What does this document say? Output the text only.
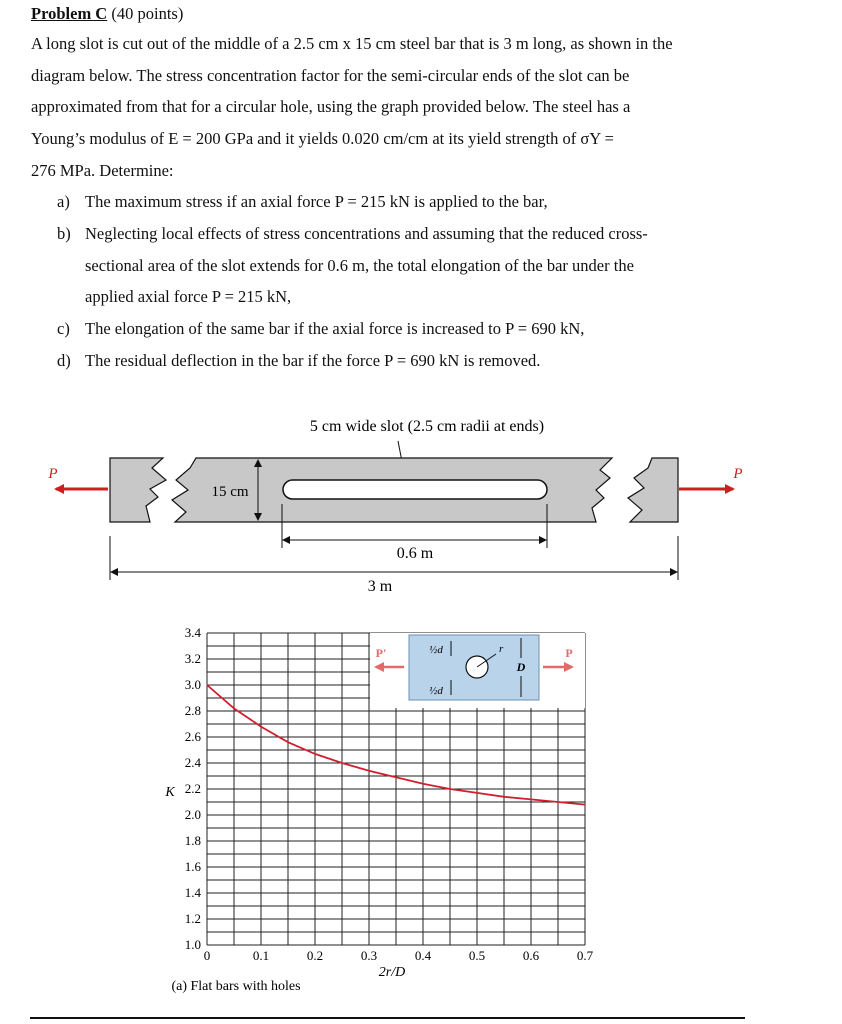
Problem C (40 points)
A long slot is cut out of the middle of a 2.5 cm x 15 cm steel bar that is 3 m long, as shown in the
diagram below. The stress concentration factor for the semi-circular ends of the slot can be
approximated from that for a circular hole, using the graph provided below. The steel has a
Young’s modulus of E = 200 GPa and it yields 0.020 cm/cm at its yield strength of σY =
276 MPa. Determine:
a) The maximum stress if an axial force P = 215 kN is applied to the bar,
b) Neglecting local effects of stress concentrations and assuming that the reduced cross-
sectional area of the slot extends for 0.6 m, the total elongation of the bar under the
applied axial force P = 215 kN,
c) The elongation of the same bar if the axial force is increased to P = 690 kN,
d) The residual deflection in the bar if the force P = 690 kN is removed.
5 cm wide slot (2.5 cm radii at ends)
P	P
15 cm
0.6 m
3 m
1.0
1.2
1.4
1.6
1.8
2.0
2.2
2.4
2.6
2.8
3.0
3.2
3.4
0	0.1	0.2	0.3	0.4	0.5	0.6	0.7
P'	P
r
½d
½d
D
K
2r/D
(a) Flat bars with holes
